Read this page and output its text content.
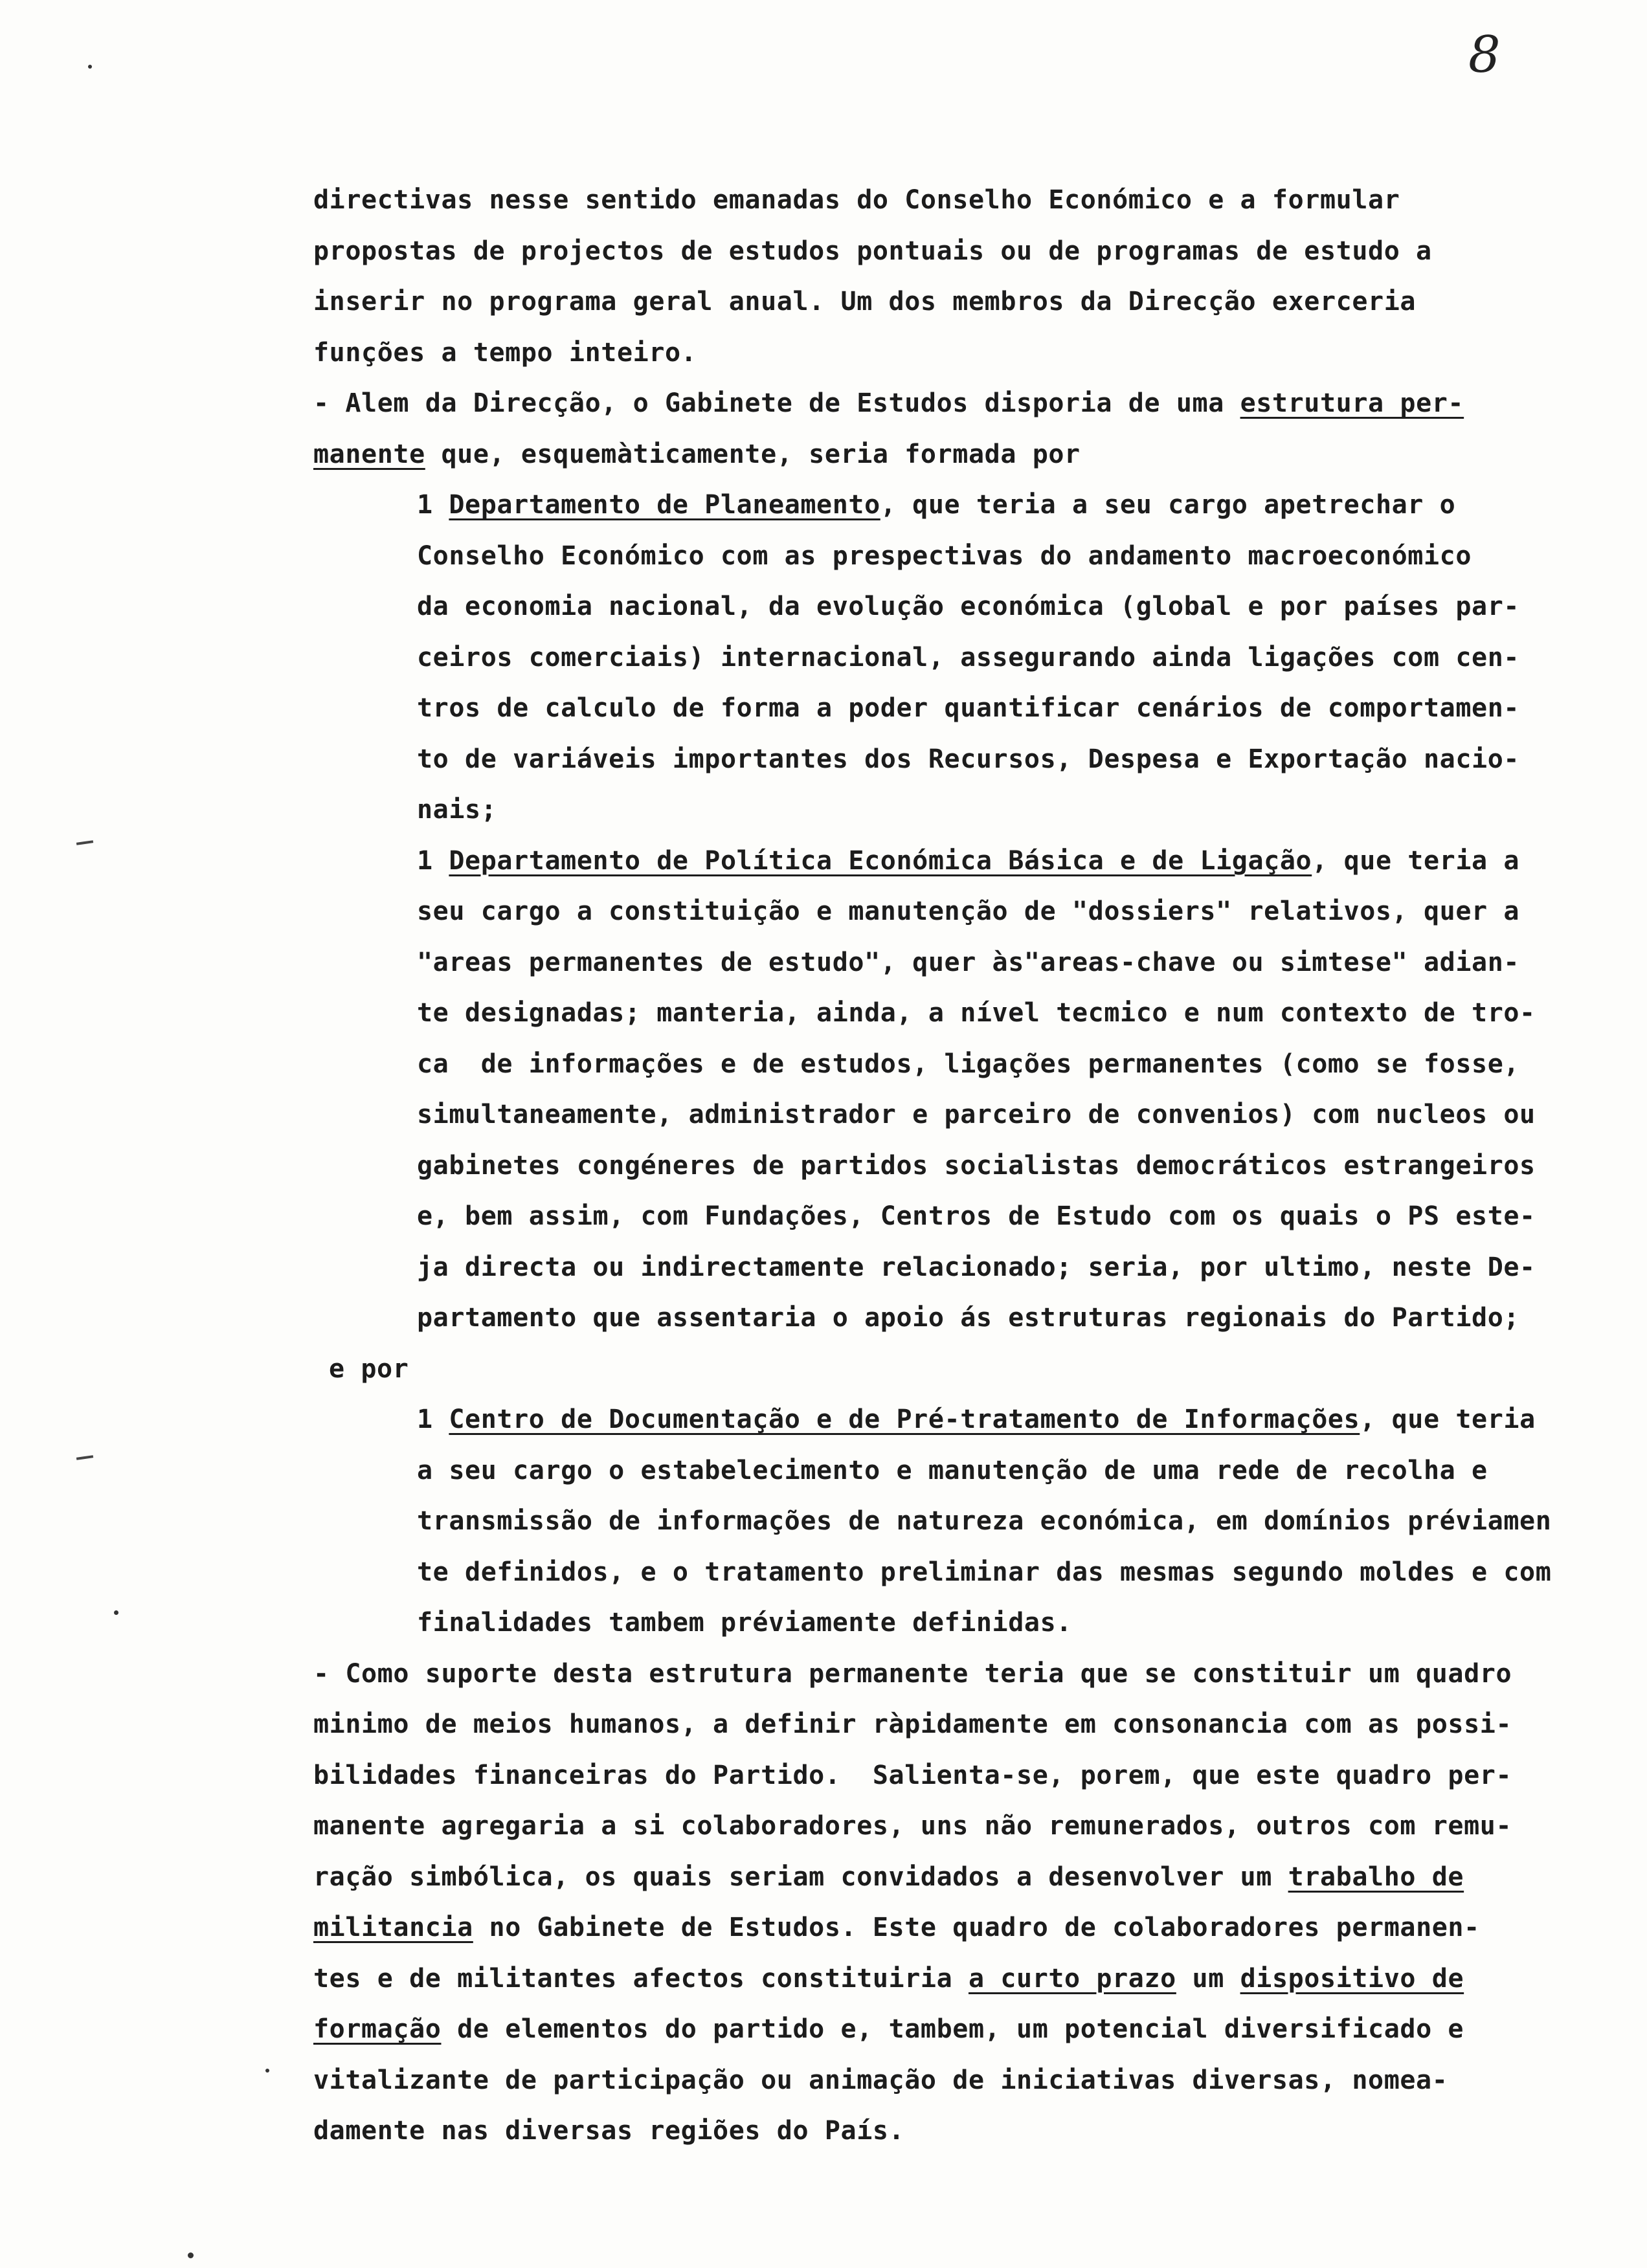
8
directivas nesse sentido emanadas do Conselho Económico e a formular
propostas de projectos de estudos pontuais ou de programas de estudo a
inserir no programa geral anual. Um dos membros da Direcção exerceria
funções a tempo inteiro.
- Alem da Direcção, o Gabinete de Estudos disporia de uma estrutura per-
manente que, esquemàticamente, seria formada por
1 Departamento de Planeamento, que teria a seu cargo apetrechar o
Conselho Económico com as prespectivas do andamento macroeconómico
da economia nacional, da evolução económica (global e por países par-
ceiros comerciais) internacional, assegurando ainda ligações com cen-
tros de calculo de forma a poder quantificar cenários de comportamen-
to de variáveis importantes dos Recursos, Despesa e Exportação nacio-
nais;
1 Departamento de Política Económica Básica e de Ligação, que teria a
seu cargo a constituição e manutenção de "dossiers" relativos, quer a
"areas permanentes de estudo", quer às"areas-chave ou simtese" adian-
te designadas; manteria, ainda, a nível tecmico e num contexto de tro-
ca  de informações e de estudos, ligações permanentes (como se fosse,
simultaneamente, administrador e parceiro de convenios) com nucleos ou
gabinetes congéneres de partidos socialistas democráticos estrangeiros
e, bem assim, com Fundações, Centros de Estudo com os quais o PS este-
ja directa ou indirectamente relacionado; seria, por ultimo, neste De-
partamento que assentaria o apoio ás estruturas regionais do Partido;
e por
1 Centro de Documentação e de Pré-tratamento de Informações, que teria
a seu cargo o estabelecimento e manutenção de uma rede de recolha e
transmissão de informações de natureza económica, em domínios préviamen
te definidos, e o tratamento preliminar das mesmas segundo moldes e com
finalidades tambem préviamente definidas.
- Como suporte desta estrutura permanente teria que se constituir um quadro
minimo de meios humanos, a definir ràpidamente em consonancia com as possi-
bilidades financeiras do Partido.  Salienta-se, porem, que este quadro per-
manente agregaria a si colaboradores, uns não remunerados, outros com remu-
ração simbólica, os quais seriam convidados a desenvolver um trabalho de
militancia no Gabinete de Estudos. Este quadro de colaboradores permanen-
tes e de militantes afectos constituiria a curto prazo um dispositivo de
formação de elementos do partido e, tambem, um potencial diversificado e
vitalizante de participação ou animação de iniciativas diversas, nomea-
damente nas diversas regiões do País.
